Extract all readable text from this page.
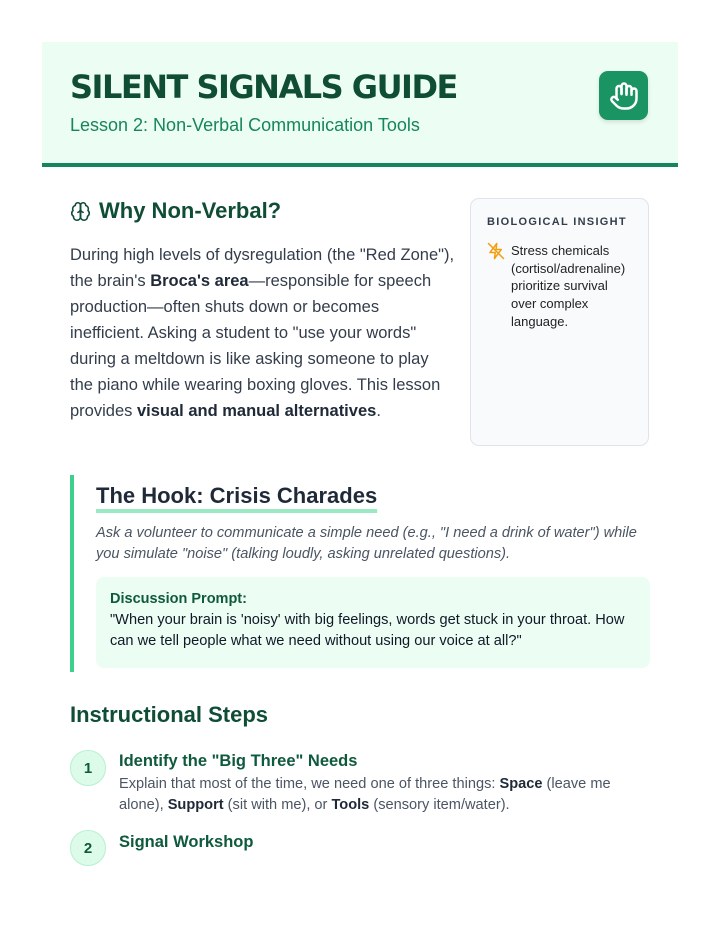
SILENT SIGNALS GUIDE
Lesson 2: Non-Verbal Communication Tools
Why Non-Verbal?

During high levels of dysregulation (the "Red Zone"), the brain's Broca's area—responsible for speech production—often shuts down or becomes inefficient. Asking a student to "use your words" during a meltdown is like asking someone to play the piano while wearing boxing gloves. This lesson provides visual and manual alternatives.

BIOLOGICAL INSIGHT
Stress chemicals (cortisol/adrenaline) prioritize survival over complex language.
The Hook: Crisis Charades

Ask a volunteer to communicate a simple need (e.g., "I need a drink of water") while you simulate "noise" (talking loudly, asking unrelated questions).

Discussion Prompt:
"When your brain is 'noisy' with big feelings, words get stuck in your throat. How can we tell people what we need without using our voice at all?"
Instructional Steps
1	Identify the "Big Three" Needs

Explain that most of the time, we need one of three things: Space (leave me alone), Support (sit with me), or Tools (sensory item/water).

2	Signal Workshop
